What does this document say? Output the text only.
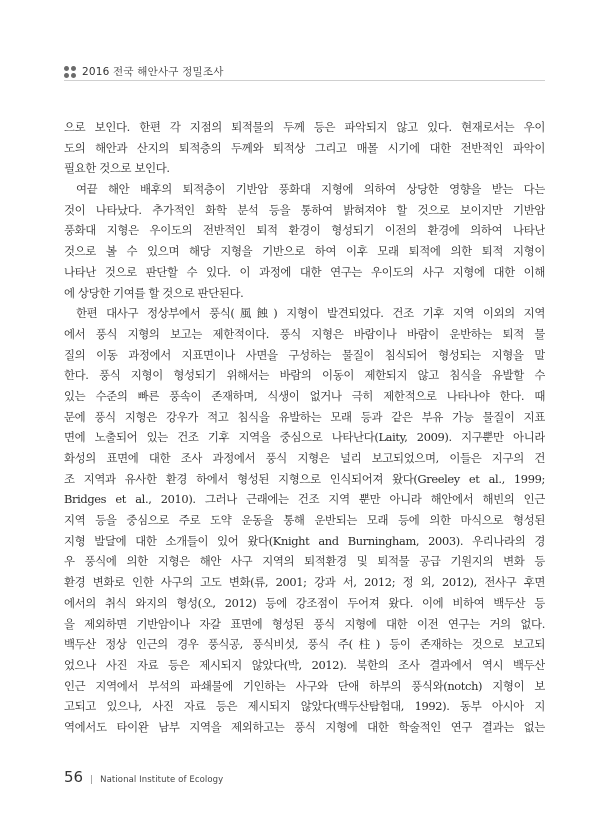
2016 전국 해안사구 정밀조사
으로 보인다. 한편 각 지점의 퇴적물의 두께 등은 파악되지 않고 있다. 현재로서는 우이
도의 해안과 산지의 퇴적층의 두께와 퇴적상 그리고 매몰 시기에 대한 전반적인 파악이
필요한 것으로 보인다.
여끝 해안 배후의 퇴적층이 기반암 풍화대 지형에 의하여 상당한 영향을 받는 다는
것이 나타났다. 추가적인 화학 분석 등을 통하여 밝혀져야 할 것으로 보이지만 기반암
풍화대 지형은 우이도의 전반적인 퇴적 환경이 형성되기 이전의 환경에 의하여 나타난
것으로 볼 수 있으며 해당 지형을 기반으로 하여 이후 모래 퇴적에 의한 퇴적 지형이
나타난 것으로 판단할 수 있다. 이 과정에 대한 연구는 우이도의 사구 지형에 대한 이해
에 상당한 기여를 할 것으로 판단된다.
한편 대사구 정상부에서 풍식(風蝕) 지형이 발견되었다. 건조 기후 지역 이외의 지역
에서 풍식 지형의 보고는 제한적이다. 풍식 지형은 바람이나 바람이 운반하는 퇴적 물
질의 이동 과정에서 지표면이나 사면을 구성하는 물질이 침식되어 형성되는 지형을 말
한다. 풍식 지형이 형성되기 위해서는 바람의 이동이 제한되지 않고 침식을 유발할 수
있는 수준의 빠른 풍속이 존재하며, 식생이 없거나 극히 제한적으로 나타나야 한다. 때
문에 풍식 지형은 강우가 적고 침식을 유발하는 모래 등과 같은 부유 가능 물질이 지표
면에 노출되어 있는 건조 기후 지역을 중심으로 나타난다(Laity, 2009). 지구뿐만 아니라
화성의 표면에 대한 조사 과정에서 풍식 지형은 널리 보고되었으며, 이들은 지구의 건
조 지역과 유사한 환경 하에서 형성된 지형으로 인식되어져 왔다(Greeley et al., 1999;
Bridges et al., 2010). 그러나 근래에는 건조 지역 뿐만 아니라 해안에서 해빈의 인근
지역 등을 중심으로 주로 도약 운동을 통해 운반되는 모래 등에 의한 마식으로 형성된
지형 발달에 대한 소개들이 있어 왔다(Knight and Burningham, 2003). 우리나라의 경
우 풍식에 의한 지형은 해안 사구 지역의 퇴적환경 및 퇴적물 공급 기원지의 변화 등
환경 변화로 인한 사구의 고도 변화(류, 2001; 강과 서, 2012; 정 외, 2012), 전사구 후면
에서의 취식 와지의 형성(오, 2012) 등에 강조점이 두어져 왔다. 이에 비하여 백두산 등
을 제외하면 기반암이나 자갈 표면에 형성된 풍식 지형에 대한 이전 연구는 거의 없다.
백두산 정상 인근의 경우 풍식공, 풍식비섯, 풍식 주(柱) 등이 존재하는 것으로 보고되
었으나 사진 자료 등은 제시되지 않았다(박, 2012). 북한의 조사 결과에서 역시 백두산
인근 지역에서 부석의 파쇄물에 기인하는 사구와 단애 하부의 풍식와(notch) 지형이 보
고되고 있으나, 사진 자료 등은 제시되지 않았다(백두산탐험대, 1992). 동부 아시아 지
역에서도 타이완 남부 지역을 제외하고는 풍식 지형에 대한 학술적인 연구 결과는 없는
56 | National Institute of Ecology
